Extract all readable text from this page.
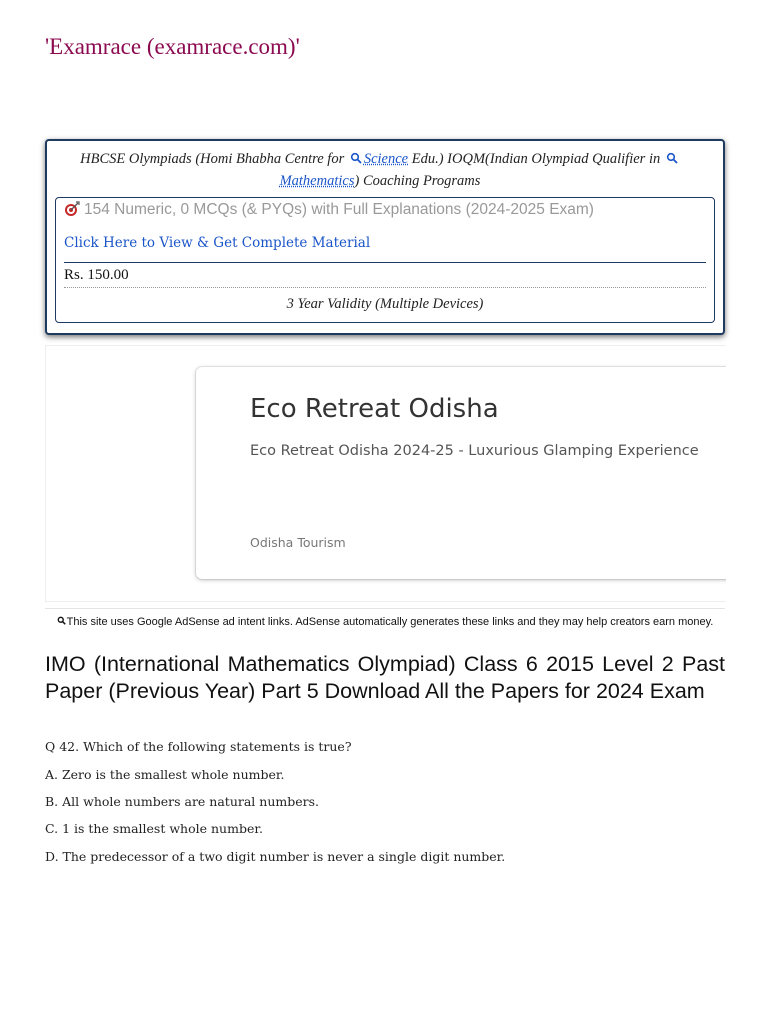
'Examrace (examrace.com)'
HBCSE Olympiads (Homi Bhabha Centre for Science Edu.) IOQM(Indian Olympiad Qualifier in
Mathematics) Coaching Programs
154 Numeric, 0 MCQs (& PYQs) with Full Explanations (2024-2025 Exam)
Click Here to View & Get Complete Material
Rs. 150.00
3 Year Validity (Multiple Devices)
Eco Retreat Odisha
Eco Retreat Odisha 2024-25 - Luxurious Glamping Experience
Odisha Tourism
This site uses Google AdSense ad intent links. AdSense automatically generates these links and they may help creators earn money.
IMO (International Mathematics Olympiad) Class 6 2015 Level 2 Past Paper (Previous Year) Part 5 Download All the Papers for 2024 Exam
Q 42. Which of the following statements is true?
A. Zero is the smallest whole number.
B. All whole numbers are natural numbers.
C. 1 is the smallest whole number.
D. The predecessor of a two digit number is never a single digit number.
